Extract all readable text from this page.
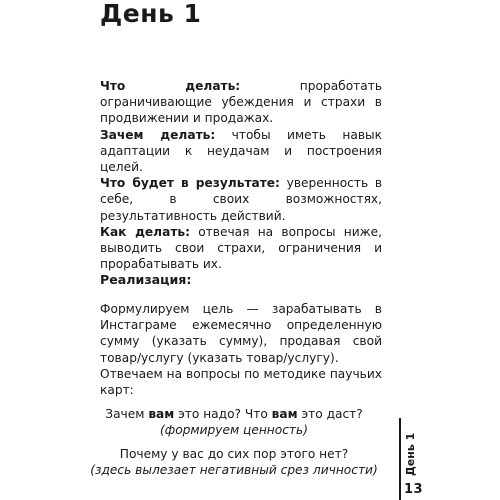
День 1

Что делать: проработать ограничивающие убеждения и страхи в продвижении и продажах.

Зачем делать: чтобы иметь навык адаптации к неудачам и построения целей.

Что будет в результате: уверенность в себе, в своих возможностях, результативность действий.

Как делать: отвечая на вопросы ниже, выводить свои страхи, ограничения и прорабатывать их.

Реализация:

Формулируем цель — зарабатывать в Инстаграме ежемесячно определенную сумму (указать сумму), продавая свой товар/услугу (указать товар/услугу).

Отвечаем на вопросы по методике паучьих карт:

Зачем вам это надо? Что вам это даст?
(формируем ценность)
Почему у вас до сих пор этого нет?
(здесь вылезает негативный срез личности)	День 1
13
